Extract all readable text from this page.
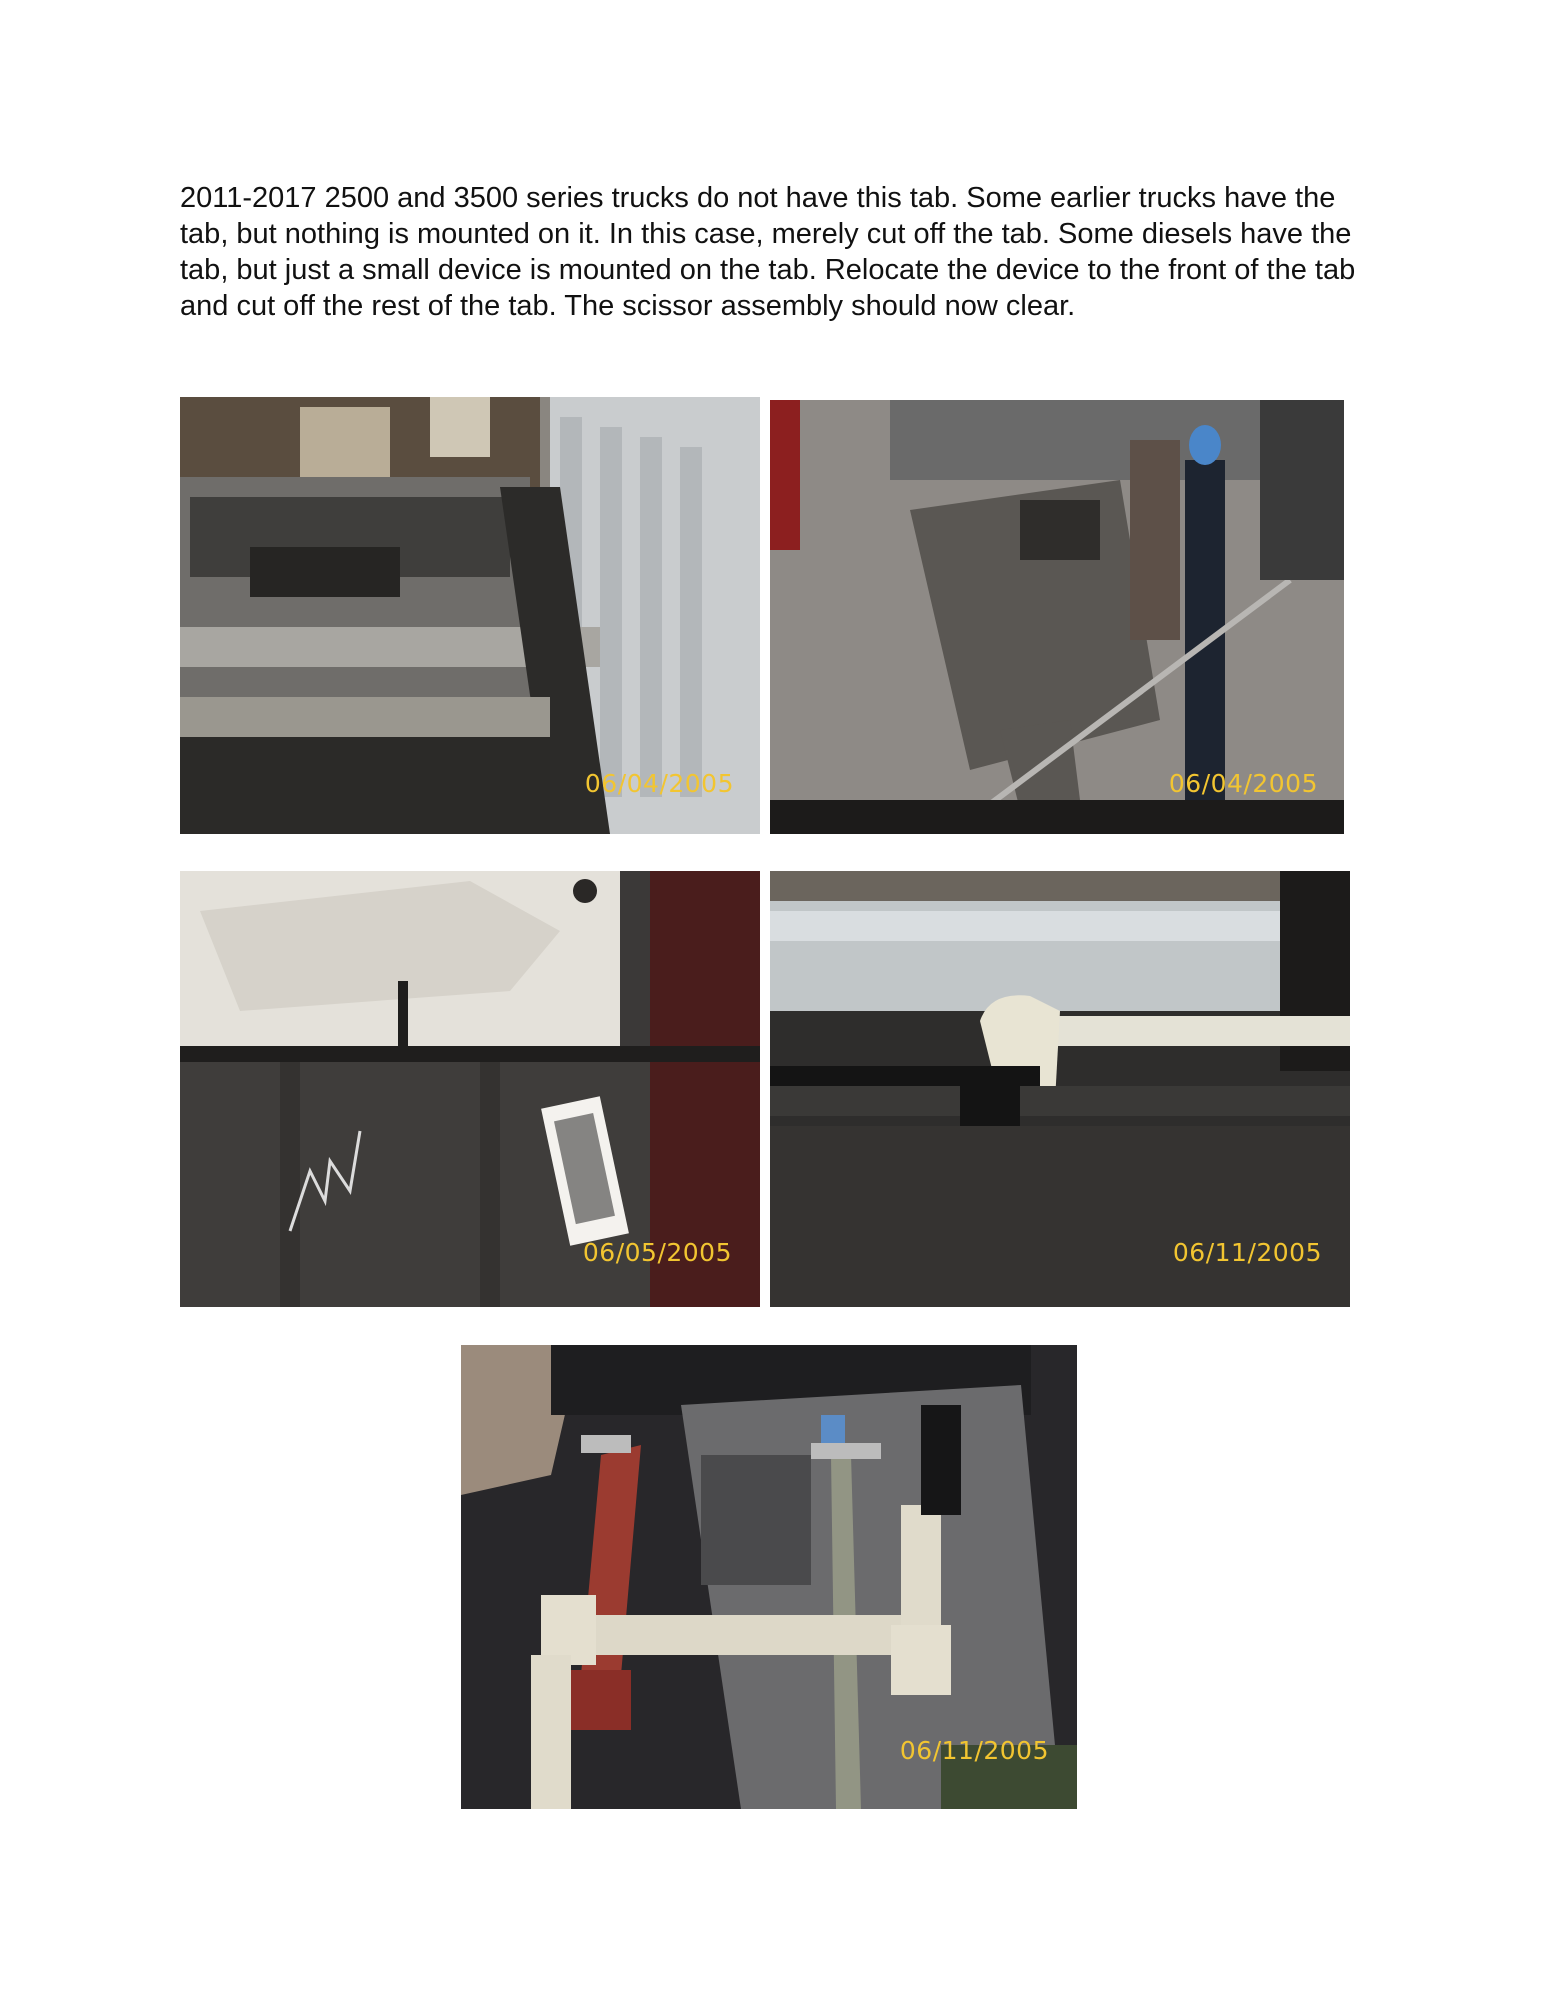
2011-2017 2500 and 3500 series trucks do not have this tab. Some earlier trucks have the tab, but nothing is mounted on it. In this case, merely cut off the tab. Some diesels have the tab, but just a small device is mounted on the tab. Relocate the device to the front of the tab and cut off the rest of the tab. The scissor assembly should now clear.

06/04/2005	06/04/2005
06/05/2005	06/11/2005
06/11/2005
